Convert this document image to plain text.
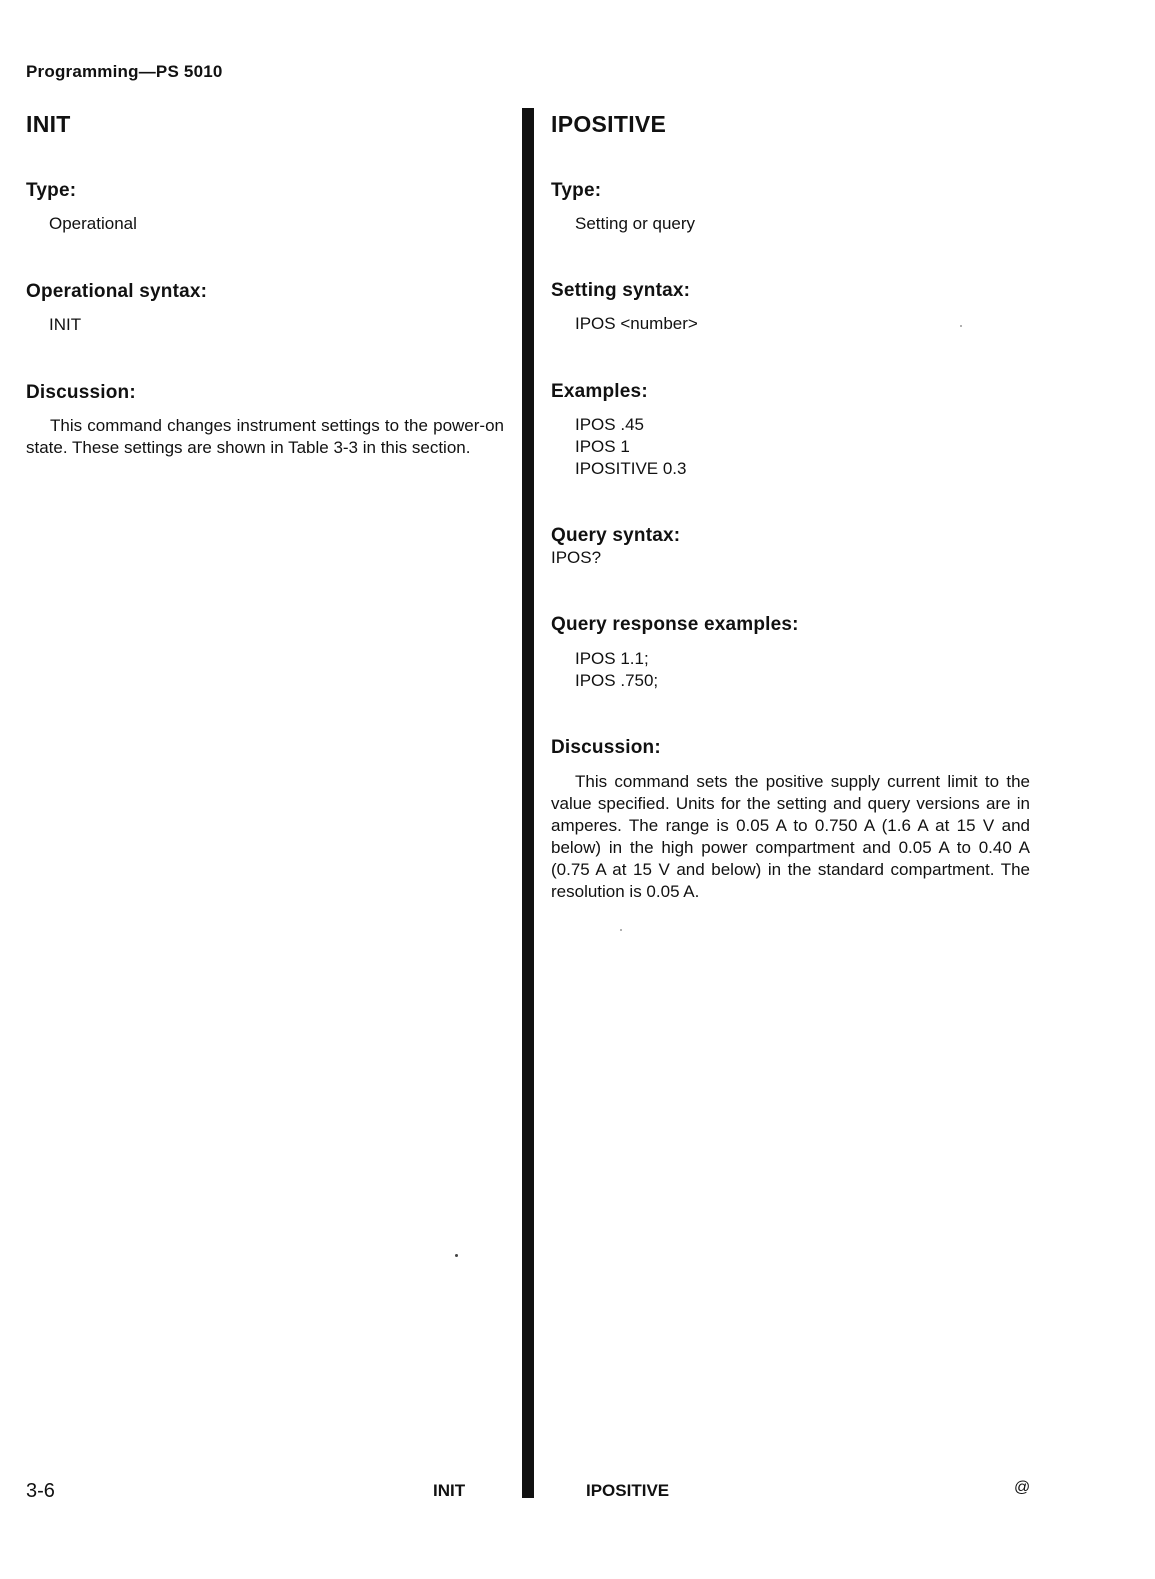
Programming—PS 5010
INIT
Type:
Operational
Operational syntax:
INIT
Discussion:
This command changes instrument settings to the power-on state. These settings are shown in Table 3-3 in this section.
IPOSITIVE
Type:
Setting or query
Setting syntax:
IPOS <number>
Examples:
IPOS .45
IPOS 1
IPOSITIVE 0.3
Query syntax:
IPOS?
Query response examples:
IPOS 1.1;
IPOS .750;
Discussion:
This command sets the positive supply current limit to the value specified. Units for the setting and query versions are in amperes. The range is 0.05 A to 0.750 A (1.6 A at 15 V and below) in the high power compartment and 0.05 A to 0.40 A (0.75 A at 15 V and below) in the standard compartment. The resolution is 0.05 A.
3-6	INIT	IPOSITIVE	@
